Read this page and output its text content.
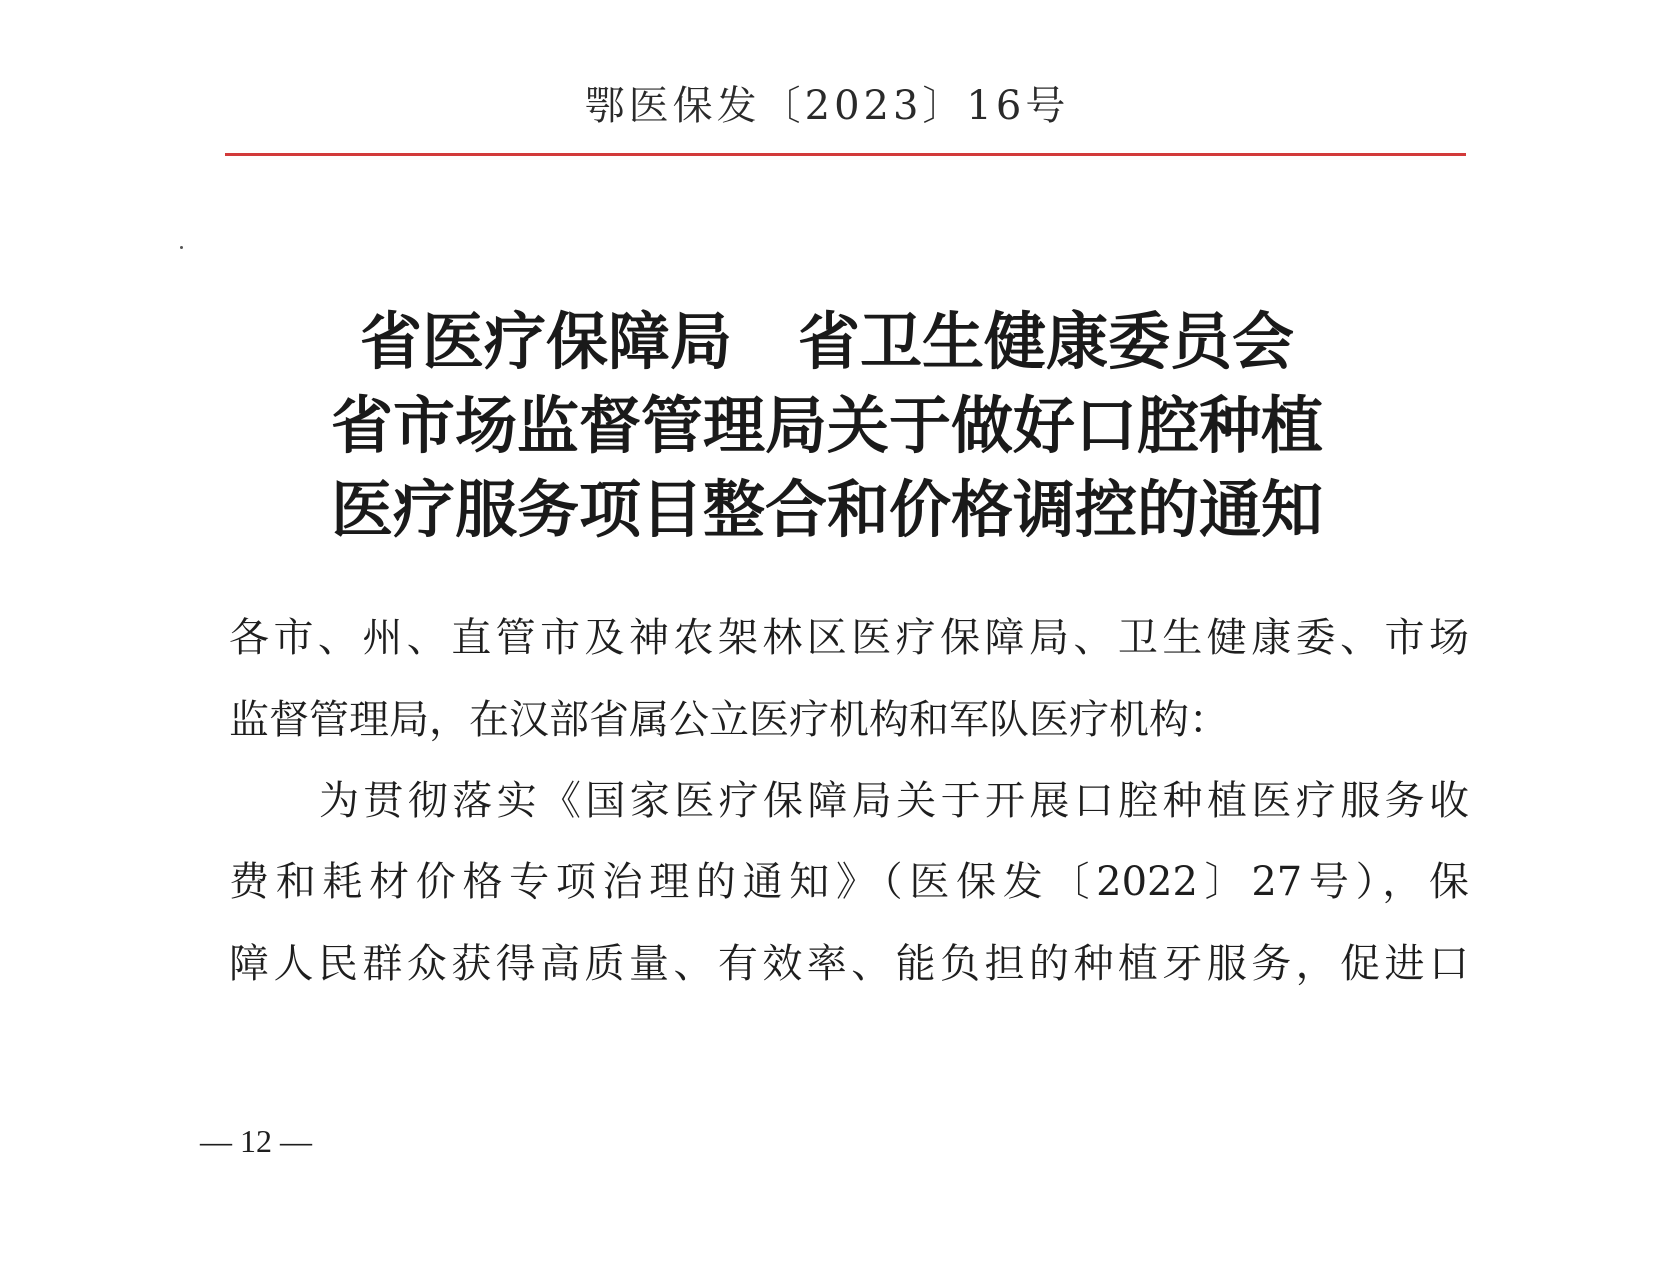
鄂医保发〔2023〕16号
省医疗保障局 省卫生健康委员会
省市场监督管理局关于做好口腔种植
医疗服务项目整合和价格调控的通知
各市、州、直管市及神农架林区医疗保障局、卫生健康委、市场
监督管理局，在汉部省属公立医疗机构和军队医疗机构：
为贯彻落实《国家医疗保障局关于开展口腔种植医疗服务收
费和耗材价格专项治理的通知》（医保发〔2022〕27号），保
障人民群众获得高质量、有效率、能负担的种植牙服务，促进口
— 12 —
